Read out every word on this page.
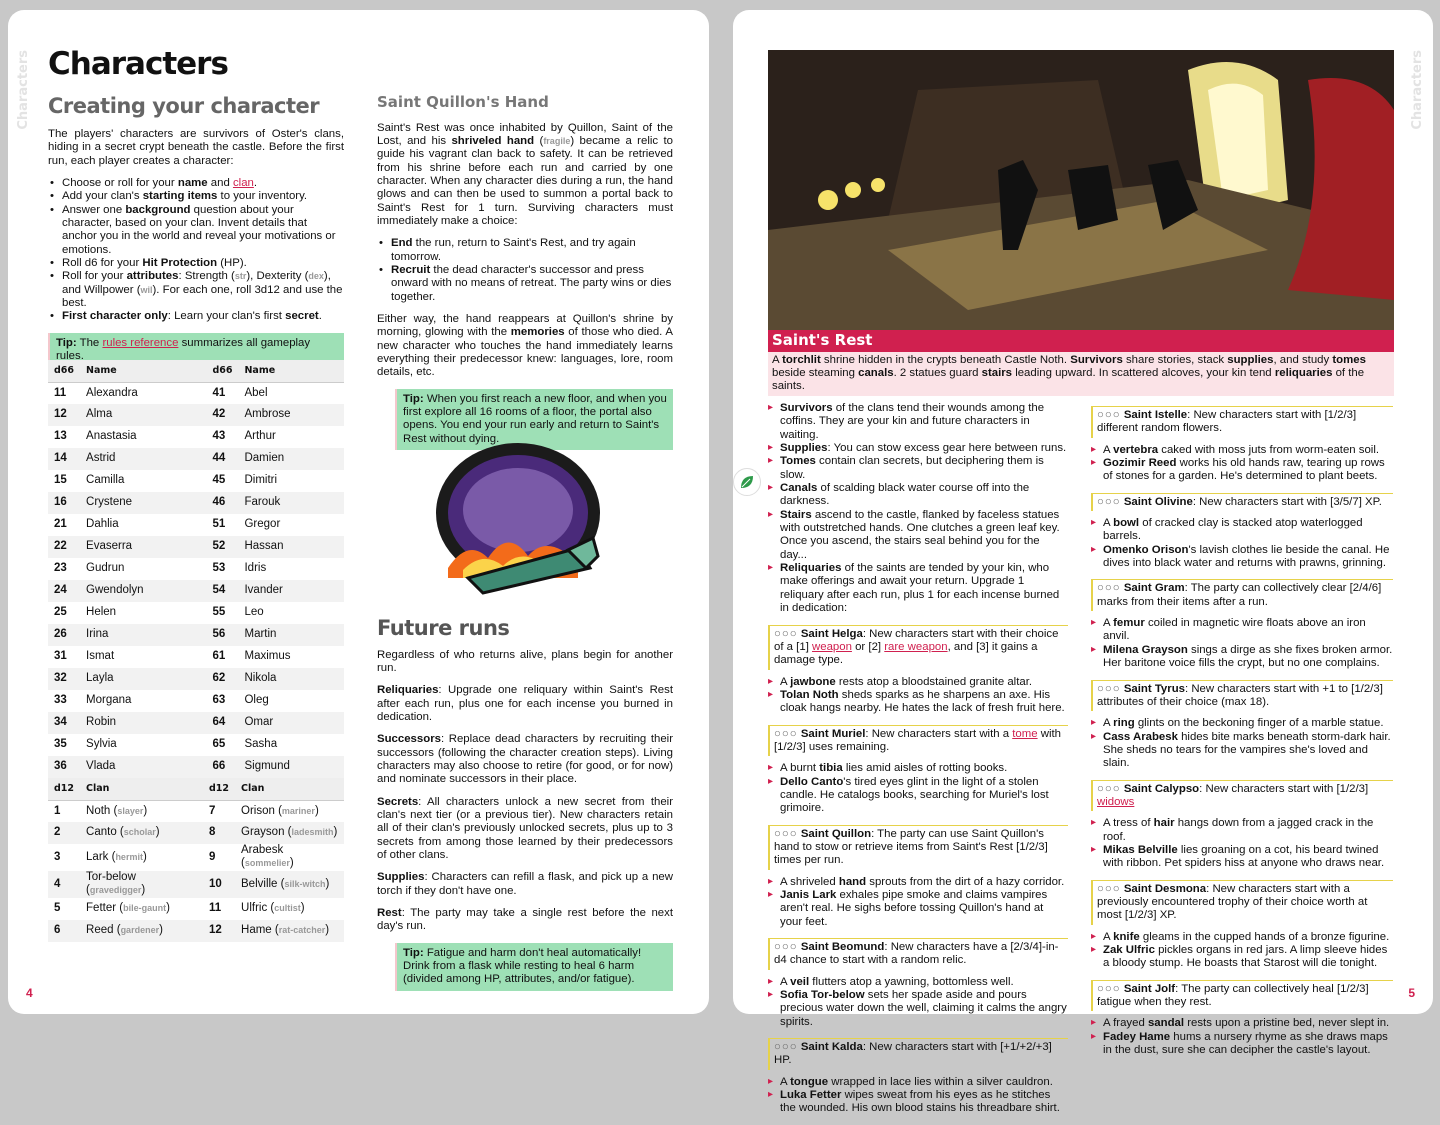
Characters Characters
Creating your character

The players' characters are survivors of Oster's clans, hiding in a secret crypt beneath the castle. Before the first run, each player creates a character:

• Choose or roll for your name and clan.
• Add your clan's starting items to your inventory.
• Answer one background question about your character, based on your clan. Invent details that anchor you in the world and reveal your motivations or emotions.
• Roll d6 for your Hit Protection (HP).
• Roll for your attributes: Strength (str), Dexterity (dex), and Willpower (wil). For each one, roll 3d12 and use the best.
• First character only: Learn your clan's first secret.
Tip: The rules reference summarizes all gameplay rules.
d66	Name	d66	Name
11	Alexandra	41	Abel
12	Alma	42	Ambrose
13	Anastasia	43	Arthur
14	Astrid	44	Damien
15	Camilla	45	Dimitri
16	Crystene	46	Farouk
21	Dahlia	51	Gregor
22	Evaserra	52	Hassan
23	Gudrun	53	Idris
24	Gwendolyn	54	Ivander
25	Helen	55	Leo
26	Irina	56	Martin
31	Ismat	61	Maximus
32	Layla	62	Nikola
33	Morgana	63	Oleg
34	Robin	64	Omar
35	Sylvia	65	Sasha
36	Vlada	66	Sigmund
d12	Clan	d12	Clan
1	Noth (slayer)	7	Orison (mariner)
2	Canto (scholar)	8	Grayson (ladesmith)
3	Lark (hermit)	9	Arabesk (sommelier)
4	Tor-below (gravedigger)	10	Belville (silk-witch)
5	Fetter (bile-gaunt)	11	Ulfric (cultist)
6	Reed (gardener)	12	Hame (rat-catcher)
Saint Quillon's Hand

Saint's Rest was once inhabited by Quillon, Saint of the Lost, and his shriveled hand (fragile) became a relic to guide his vagrant clan back to safety. It can be retrieved from his shrine before each run and carried by one character. When any character dies during a run, the hand glows and can then be used to summon a portal back to Saint's Rest for 1 turn. Surviving characters must immediately make a choice:

• End the run, return to Saint's Rest, and try again tomorrow.
• Recruit the dead character's successor and press onward with no means of retreat. The party wins or dies together.

Either way, the hand reappears at Quillon's shrine by morning, glowing with the memories of those who died. A new character who touches the hand immediately learns everything their predecessor knew: languages, lore, room details, etc.

Tip: When you first reach a new floor, and when you first explore all 16 rooms of a floor, the portal also opens. You end your run early and return to Saint's Rest without dying.
Future runs

Regardless of who returns alive, plans begin for another run.

Reliquaries: Upgrade one reliquary within Saint's Rest after each run, plus one for each incense you burned in dedication.

Successors: Replace dead characters by recruiting their successors (following the character creation steps). Living characters may also choose to retire (for good, or for now) and nominate successors in their place.

Secrets: All characters unlock a new secret from their clan's next tier (or a previous tier). New characters retain all of their clan's previously unlocked secrets, plus up to 3 secrets from among those learned by their predecessors of other clans.

Supplies: Characters can refill a flask, and pick up a new torch if they don't have one.

Rest: The party may take a single rest before the next day's run.

Tip: Fatigue and harm don't heal automatically! Drink from a flask while resting to heal 6 harm (divided among HP, attributes, and/or fatigue).
4
Characters
Saint's Rest
A torchlit shrine hidden in the crypts beneath Castle Noth. Survivors share stories, stack supplies, and study tomes beside steaming canals. 2 statues guard stairs leading upward. In scattered alcoves, your kin tend reliquaries of the saints.
▸ Survivors of the clans tend their wounds among the coffins. They are your kin and future characters in waiting.
▸ Supplies: You can stow excess gear here between runs.
▸ Tomes contain clan secrets, but deciphering them is slow.
▸ Canals of scalding black water course off into the darkness.
▸ Stairs ascend to the castle, flanked by faceless statues with outstretched hands. One clutches a green leaf key. Once you ascend, the stairs seal behind you for the day...
▸ Reliquaries of the saints are tended by your kin, who make offerings and await your return. Upgrade 1 reliquary after each run, plus 1 for each incense burned in dedication:
○○○ Saint Helga: New characters start with their choice of a [1] weapon or [2] rare weapon, and [3] it gains a damage type.
▸ A jawbone rests atop a bloodstained granite altar.
▸ Tolan Noth sheds sparks as he sharpens an axe. His cloak hangs nearby. He hates the lack of fresh fruit here.
○○○ Saint Muriel: New characters start with a tome with [1/2/3] uses remaining.
▸ A burnt tibia lies amid aisles of rotting books.
▸ Dello Canto's tired eyes glint in the light of a stolen candle. He catalogs books, searching for Muriel's lost grimoire.
○○○ Saint Quillon: The party can use Saint Quillon's hand to stow or retrieve items from Saint's Rest [1/2/3] times per run.
▸ A shriveled hand sprouts from the dirt of a hazy corridor.
▸ Janis Lark exhales pipe smoke and claims vampires aren't real. He sighs before tossing Quillon's hand at your feet.
○○○ Saint Beomund: New characters have a [2/3/4]-in-d4 chance to start with a random relic.
▸ A veil flutters atop a yawning, bottomless well.
▸ Sofia Tor-below sets her spade aside and pours precious water down the well, claiming it calms the angry spirits.
○○○ Saint Kalda: New characters start with [+1/+2/+3] HP.
▸ A tongue wrapped in lace lies within a silver cauldron.
▸ Luka Fetter wipes sweat from his eyes as he stitches the wounded. His own blood stains his threadbare shirt.
○○○ Saint Istelle: New characters start with [1/2/3] different random flowers.
▸ A vertebra caked with moss juts from worm-eaten soil.
▸ Gozimir Reed works his old hands raw, tearing up rows of stones for a garden. He's determined to plant beets.
○○○ Saint Olivine: New characters start with [3/5/7] XP.
▸ A bowl of cracked clay is stacked atop waterlogged barrels.
▸ Omenko Orison's lavish clothes lie beside the canal. He dives into black water and returns with prawns, grinning.
○○○ Saint Gram: The party can collectively clear [2/4/6] marks from their items after a run.
▸ A femur coiled in magnetic wire floats above an iron anvil.
▸ Milena Grayson sings a dirge as she fixes broken armor. Her baritone voice fills the crypt, but no one complains.
○○○ Saint Tyrus: New characters start with +1 to [1/2/3] attributes of their choice (max 18).
▸ A ring glints on the beckoning finger of a marble statue.
▸ Cass Arabesk hides bite marks beneath storm-dark hair. She sheds no tears for the vampires she's loved and slain.
○○○ Saint Calypso: New characters start with [1/2/3] widows
▸ A tress of hair hangs down from a jagged crack in the roof.
▸ Mikas Belville lies groaning on a cot, his beard twined with ribbon. Pet spiders hiss at anyone who draws near.
○○○ Saint Desmona: New characters start with a previously encountered trophy of their choice worth at most [1/2/3] XP.
▸ A knife gleams in the cupped hands of a bronze figurine.
▸ Zak Ulfric pickles organs in red jars. A limp sleeve hides a bloody stump. He boasts that Starost will die tonight.
○○○ Saint Jolf: The party can collectively heal [1/2/3] fatigue when they rest.
▸ A frayed sandal rests upon a pristine bed, never slept in.
▸ Fadey Hame hums a nursery rhyme as she draws maps in the dust, sure she can decipher the castle's layout.
5
